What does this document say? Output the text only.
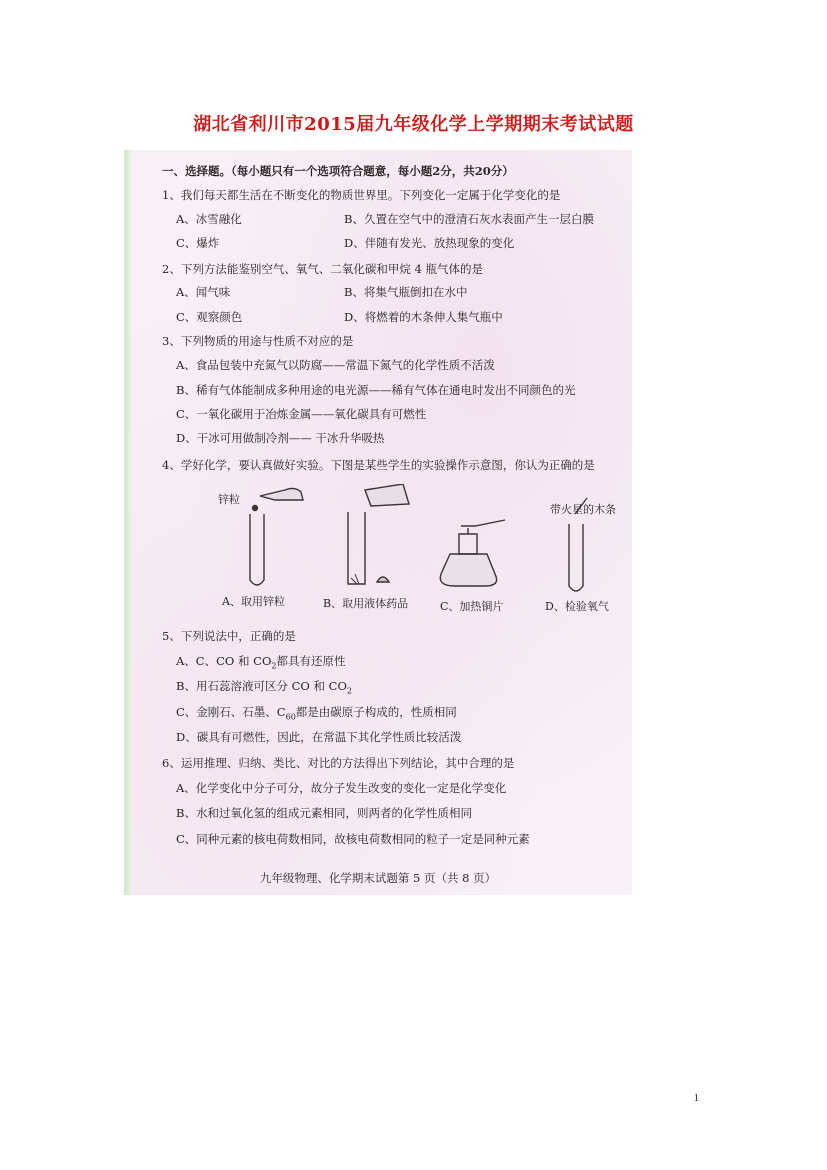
湖北省利川市2015届九年级化学上学期期末考试试题
一、选择题。（每小题只有一个选项符合题意，每小题2分，共20分）
1、我们每天都生活在不断变化的物质世界里。下列变化一定属于化学变化的是
A、冰雪融化	B、久置在空气中的澄清石灰水表面产生一层白膜
C、爆炸	D、伴随有发光、放热现象的变化
2、下列方法能鉴别空气、氧气、二氧化碳和甲烷 4 瓶气体的是
A、闻气味	B、将集气瓶倒扣在水中
C、观察颜色	D、将燃着的木条伸人集气瓶中
3、下列物质的用途与性质不对应的是
A、食品包装中充氮气以防腐——常温下氮气的化学性质不活泼
B、稀有气体能制成多种用途的电光源——稀有气体在通电时发出不同颜色的光
C、一氧化碳用于冶炼金属——氧化碳具有可燃性
D、干冰可用做制冷剂—— 干冰升华吸热
4、学好化学，要认真做好实验。下图是某些学生的实验操作示意图，你认为正确的是
锌粒
带火星的木条
A、取用锌粒	B、取用液体药品	C、加热铜片	D、检验氧气
5、下列说法中，正确的是
A、C、CO 和 $CO_2$都具有还原性
B、用石蕊溶液可区分 CO 和 $CO_2$
C、金刚石、石墨、$C_{60}$都是由碳原子构成的，性质相同
D、碳具有可燃性，因此，在常温下其化学性质比较活泼
6、运用推理、归纳、类比、对比的方法得出下列结论，其中合理的是
A、化学变化中分子可分，故分子发生改变的变化一定是化学变化
B、水和过氧化氢的组成元素相同，则两者的化学性质相同
C、同种元素的核电荷数相同，故核电荷数相同的粒子一定是同种元素
九年级物理、化学期末试题第 5 页（共 8 页）
1
